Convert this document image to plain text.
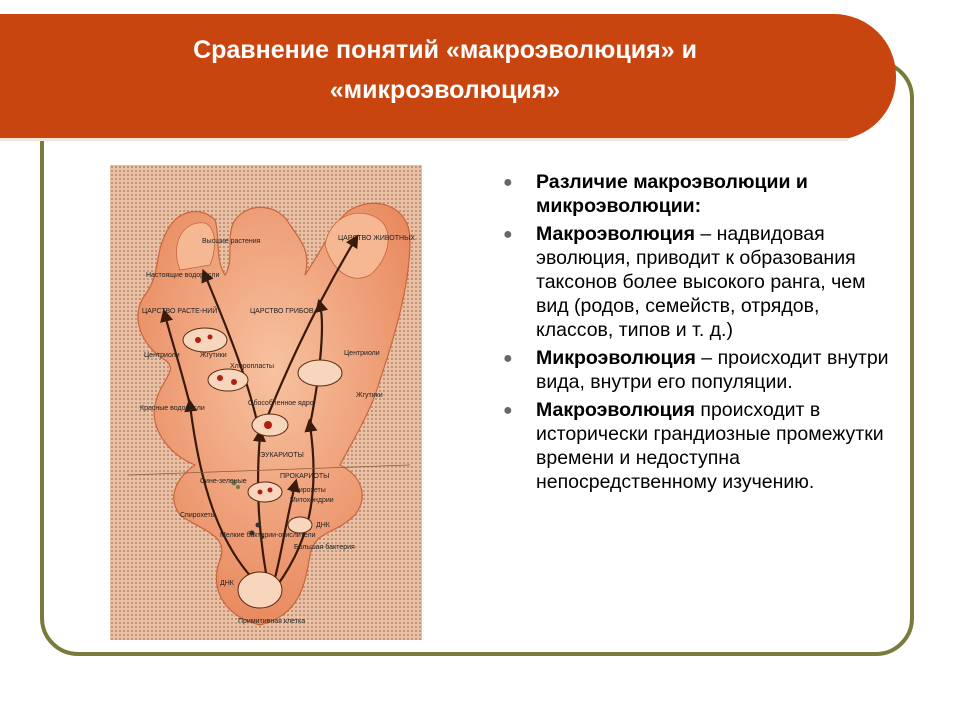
Сравнение понятий «макроэволюция» и
«микроэволюция»
Высшие растения
Настоящие водоросли
ЦАРСТВО РАСТЕ-НИЙ
ЦАРСТВО ЖИВОТНЫХ
ЦАРСТВО ГРИБОВ
Центриоли	Жгутики
Хлоропласты
Центриоли
Жгутики
Красные водоросли
Обособленное ядро
ЭУКАРИОТЫ
ПРОКАРИОТЫ
Сине-зеленые
Спирохеты
Митохондрии
Спирохеты
Мелкие бактерии-окислители
ДНК
Большая бактерия
ДНК
Примитивная клетка
● Различие макроэволюции и микроэволюции:
● Макроэволюция – надвидовая эволюция, приводит к образования таксонов более высокого ранга, чем вид (родов, семейств, отрядов, классов, типов и т. д.)
● Микроэволюция – происходит внутри вида, внутри его популяции.
● Макроэволюция происходит в исторически грандиозные промежутки времени и недоступна непосредственному изучению.
